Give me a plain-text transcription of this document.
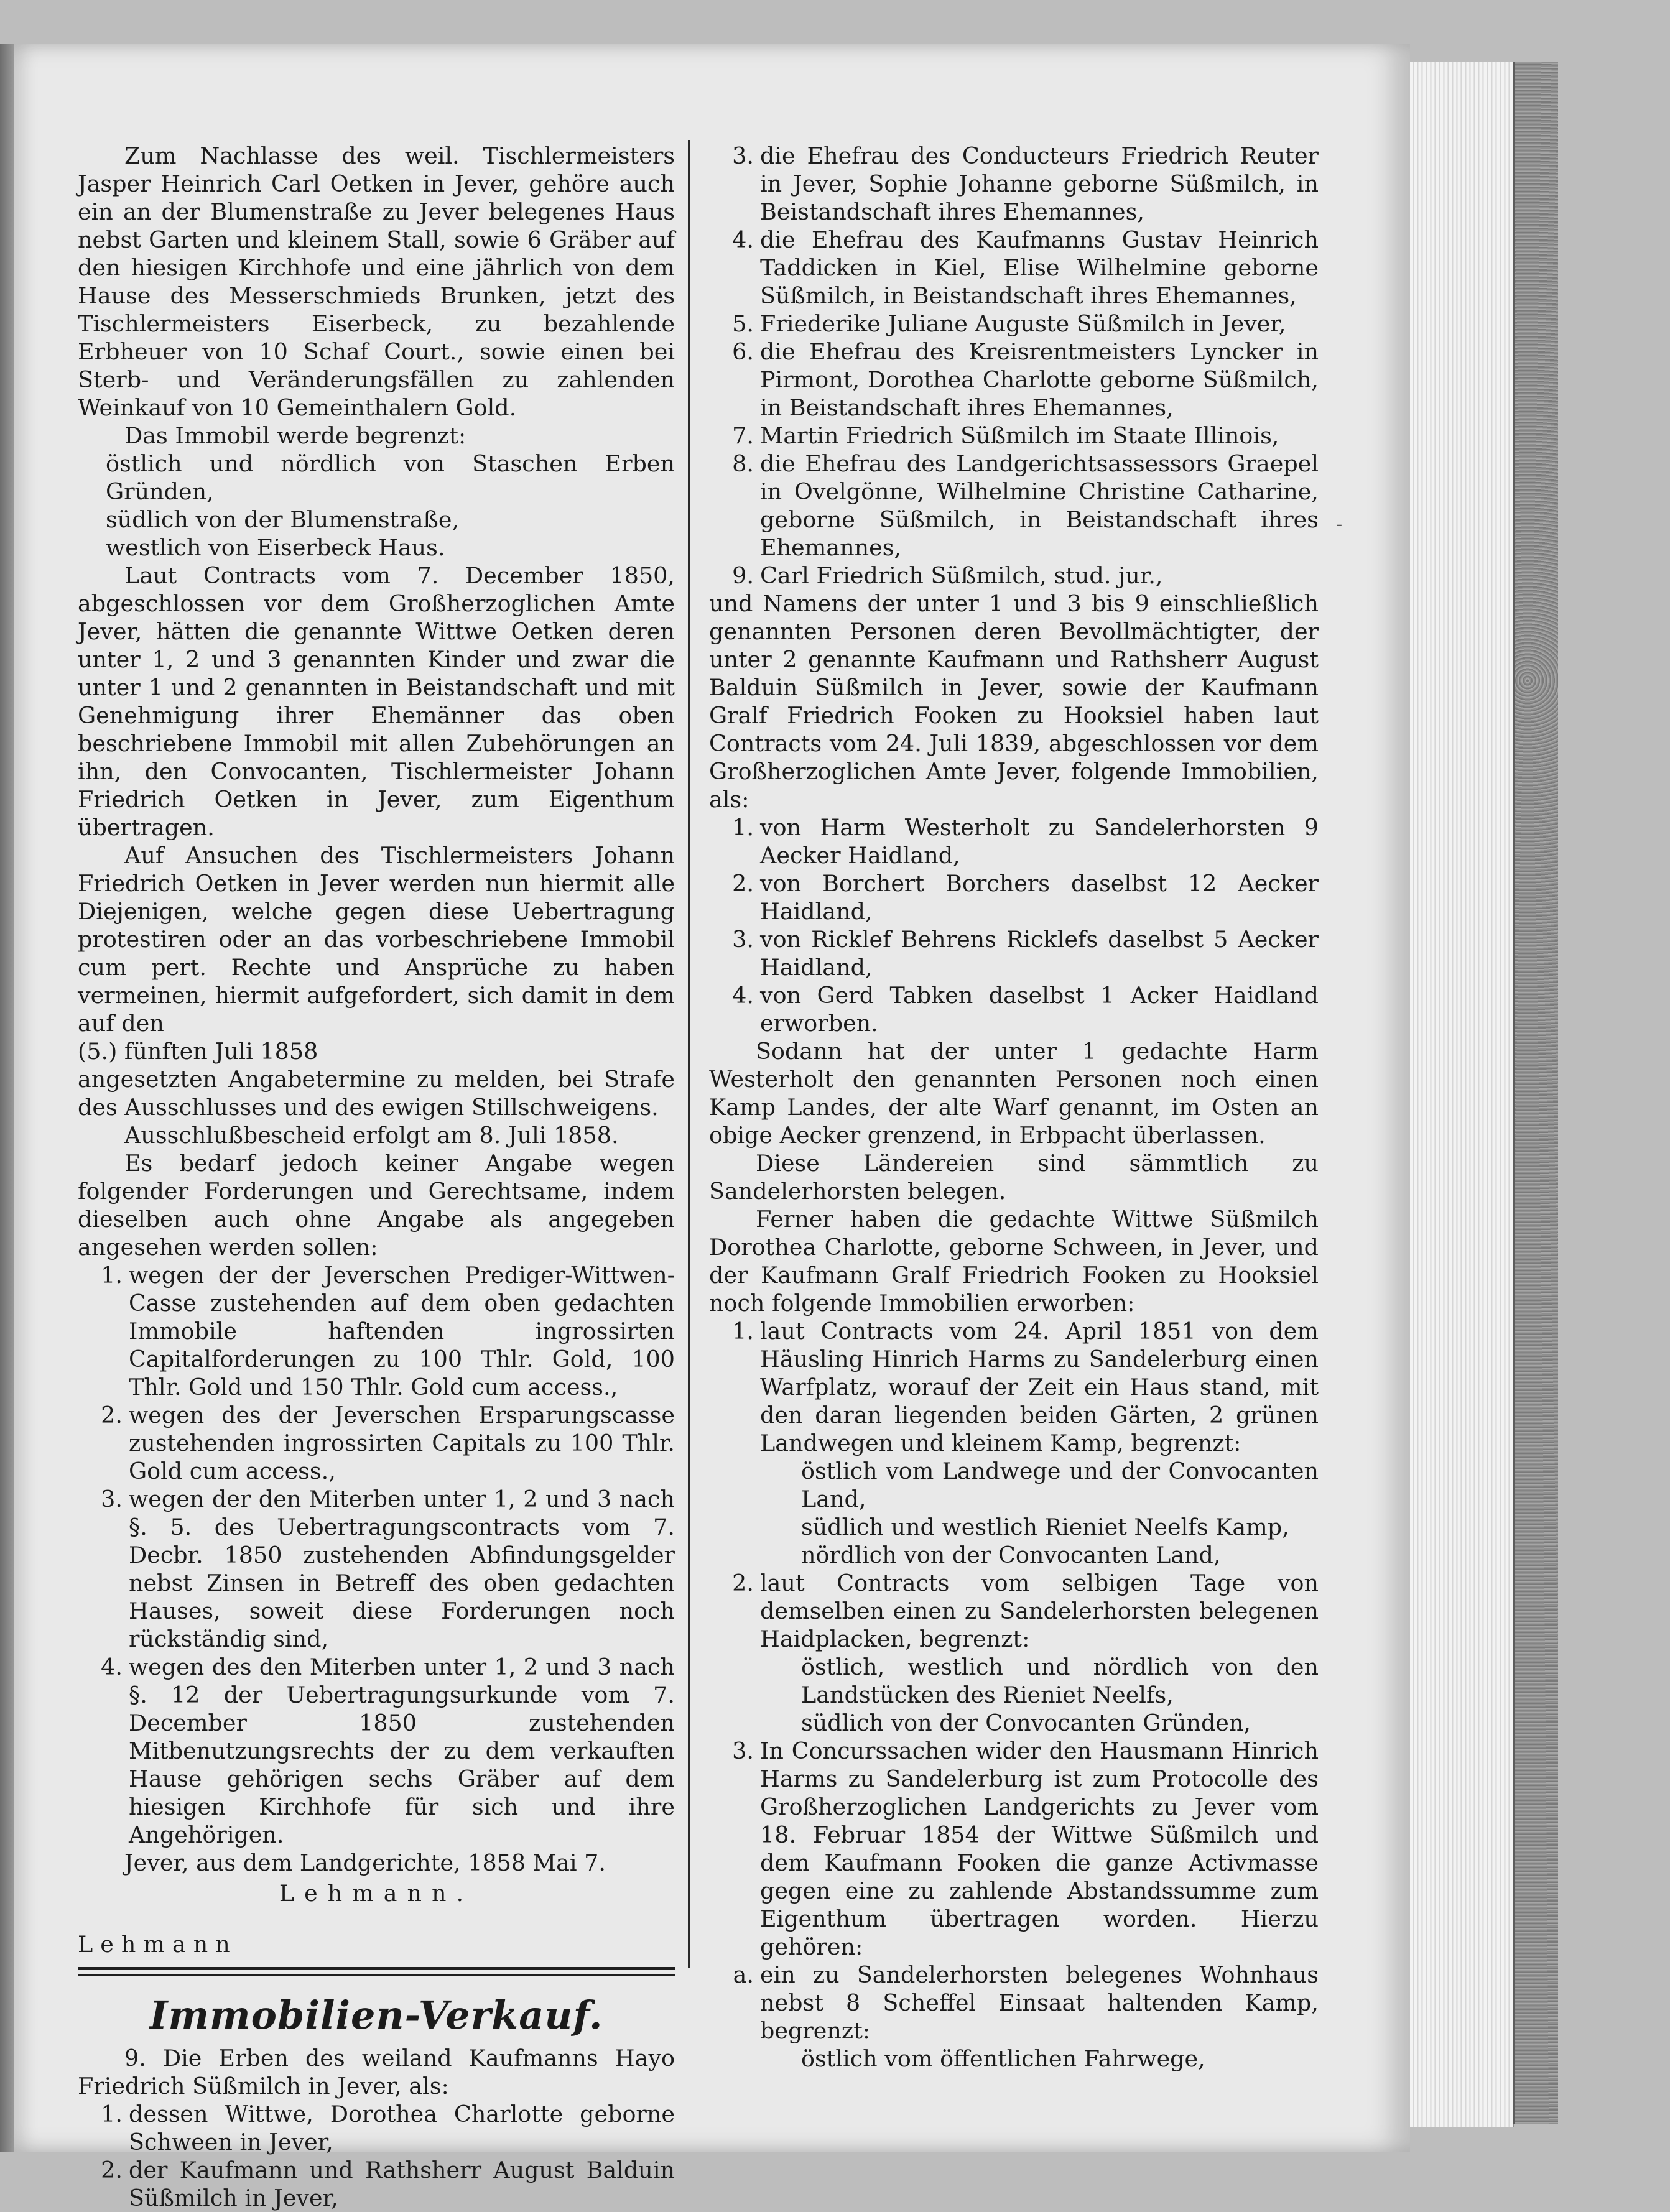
Zum Nachlasse des weil. Tischlermeisters Jasper Heinrich Carl Oetken in Jever, gehöre auch ein an der Blumenstraße zu Jever belegenes Haus nebst Garten und kleinem Stall, sowie 6 Gräber auf den hiesigen Kirchhofe und eine jährlich von dem Hause des Messerschmieds Brunken, jetzt des Tischlermeisters Eiserbeck, zu bezahlende Erbheuer von 10 Schaf Court., sowie einen bei Sterb- und Veränderungsfällen zu zahlenden Weinkauf von 10 Gemeinthalern Gold.

Das Immobil werde begrenzt:

östlich und nördlich von Staschen Erben Gründen,

südlich von der Blumenstraße,

westlich von Eiserbeck Haus.

Laut Contracts vom 7. December 1850, abgeschlossen vor dem Großherzoglichen Amte Jever, hätten die genannte Wittwe Oetken deren unter 1, 2 und 3 genannten Kinder und zwar die unter 1 und 2 genannten in Beistandschaft und mit Genehmigung ihrer Ehemänner das oben beschriebene Immobil mit allen Zubehörungen an ihn, den Convocanten, Tischlermeister Johann Friedrich Oetken in Jever, zum Eigenthum übertragen.

Auf Ansuchen des Tischlermeisters Johann Friedrich Oetken in Jever werden nun hiermit alle Diejenigen, welche gegen diese Uebertragung protestiren oder an das vorbeschriebene Immobil cum pert. Rechte und Ansprüche zu haben vermeinen, hiermit aufgefordert, sich damit in dem auf den

(5.) fünften Juli 1858

angesetzten Angabetermine zu melden, bei Strafe des Ausschlusses und des ewigen Stillschweigens.

Ausschlußbescheid erfolgt am 8. Juli 1858.

Es bedarf jedoch keiner Angabe wegen folgender Forderungen und Gerechtsame, indem dieselben auch ohne Angabe als angegeben angesehen werden sollen:

1. wegen der der Jeverschen Prediger-Wittwen-Casse zustehenden auf dem oben gedachten Immobile haftenden ingrossirten Capitalforderungen zu 100 Thlr. Gold, 100 Thlr. Gold und 150 Thlr. Gold cum access.,
2. wegen des der Jeverschen Ersparungscasse zustehenden ingrossirten Capitals zu 100 Thlr. Gold cum access.,
3. wegen der den Miterben unter 1, 2 und 3 nach §. 5. des Uebertragungscontracts vom 7. Decbr. 1850 zustehenden Abfindungsgelder nebst Zinsen in Betreff des oben gedachten Hauses, soweit diese Forderungen noch rückständig sind,
4. wegen des den Miterben unter 1, 2 und 3 nach §. 12 der Uebertragungsurkunde vom 7. December 1850 zustehenden Mitbenutzungsrechts der zu dem verkauften Hause gehörigen sechs Gräber auf dem hiesigen Kirchhofe für sich und ihre Angehörigen.

Jever, aus dem Landgerichte, 1858 Mai 7.

Lehmann.

Lehmann

Immobilien-Verkauf.

9. Die Erben des weiland Kaufmanns Hayo Friedrich Süßmilch in Jever, als:

1. dessen Wittwe, Dorothea Charlotte geborne Schween in Jever,
2. der Kaufmann und Rathsherr August Balduin Süßmilch in Jever,
3. die Ehefrau des Conducteurs Friedrich Reuter in Jever, Sophie Johanne geborne Süßmilch, in Beistandschaft ihres Ehemannes,
4. die Ehefrau des Kaufmanns Gustav Heinrich Taddicken in Kiel, Elise Wilhelmine geborne Süßmilch, in Beistandschaft ihres Ehemannes,
5. Friederike Juliane Auguste Süßmilch in Jever,
6. die Ehefrau des Kreisrentmeisters Lyncker in Pirmont, Dorothea Charlotte geborne Süßmilch, in Beistandschaft ihres Ehemannes,
7. Martin Friedrich Süßmilch im Staate Illinois,
8. die Ehefrau des Landgerichtsassessors Graepel in Ovelgönne, Wilhelmine Christine Catharine, geborne Süßmilch, in Beistandschaft ihres Ehemannes,
9. Carl Friedrich Süßmilch, stud. jur.,

und Namens der unter 1 und 3 bis 9 einschließlich genannten Personen deren Bevollmächtigter, der unter 2 genannte Kaufmann und Rathsherr August Balduin Süßmilch in Jever, sowie der Kaufmann Gralf Friedrich Fooken zu Hooksiel haben laut Contracts vom 24. Juli 1839, abgeschlossen vor dem Großherzoglichen Amte Jever, folgende Immobilien, als:

1. von Harm Westerholt zu Sandelerhorsten 9 Aecker Haidland,
2. von Borchert Borchers daselbst 12 Aecker Haidland,
3. von Ricklef Behrens Ricklefs daselbst 5 Aecker Haidland,
4. von Gerd Tabken daselbst 1 Acker Haidland erworben.

Sodann hat der unter 1 gedachte Harm Westerholt den genannten Personen noch einen Kamp Landes, der alte Warf genannt, im Osten an obige Aecker grenzend, in Erbpacht überlassen.

Diese Ländereien sind sämmtlich zu Sandelerhorsten belegen.

Ferner haben die gedachte Wittwe Süßmilch Dorothea Charlotte, geborne Schween, in Jever, und der Kaufmann Gralf Friedrich Fooken zu Hooksiel noch folgende Immobilien erworben:

1. laut Contracts vom 24. April 1851 von dem Häusling Hinrich Harms zu Sandelerburg einen Warfplatz, worauf der Zeit ein Haus stand, mit den daran liegenden beiden Gärten, 2 grünen Landwegen und kleinem Kamp, begrenzt:

östlich vom Landwege und der Convocanten Land,

südlich und westlich Rieniet Neelfs Kamp,

nördlich von der Convocanten Land,

2. laut Contracts vom selbigen Tage von demselben einen zu Sandelerhorsten belegenen Haidplacken, begrenzt:

östlich, westlich und nördlich von den Landstücken des Rieniet Neelfs,

südlich von der Convocanten Gründen,

3. In Concurssachen wider den Hausmann Hinrich Harms zu Sandelerburg ist zum Protocolle des Großherzoglichen Landgerichts zu Jever vom 18. Februar 1854 der Wittwe Süßmilch und dem Kaufmann Fooken die ganze Activmasse gegen eine zu zahlende Abstandssumme zum Eigenthum übertragen worden. Hierzu gehören:
a. ein zu Sandelerhorsten belegenes Wohnhaus nebst 8 Scheffel Einsaat haltenden Kamp, begrenzt:

östlich vom öffentlichen Fahrwege,

-
